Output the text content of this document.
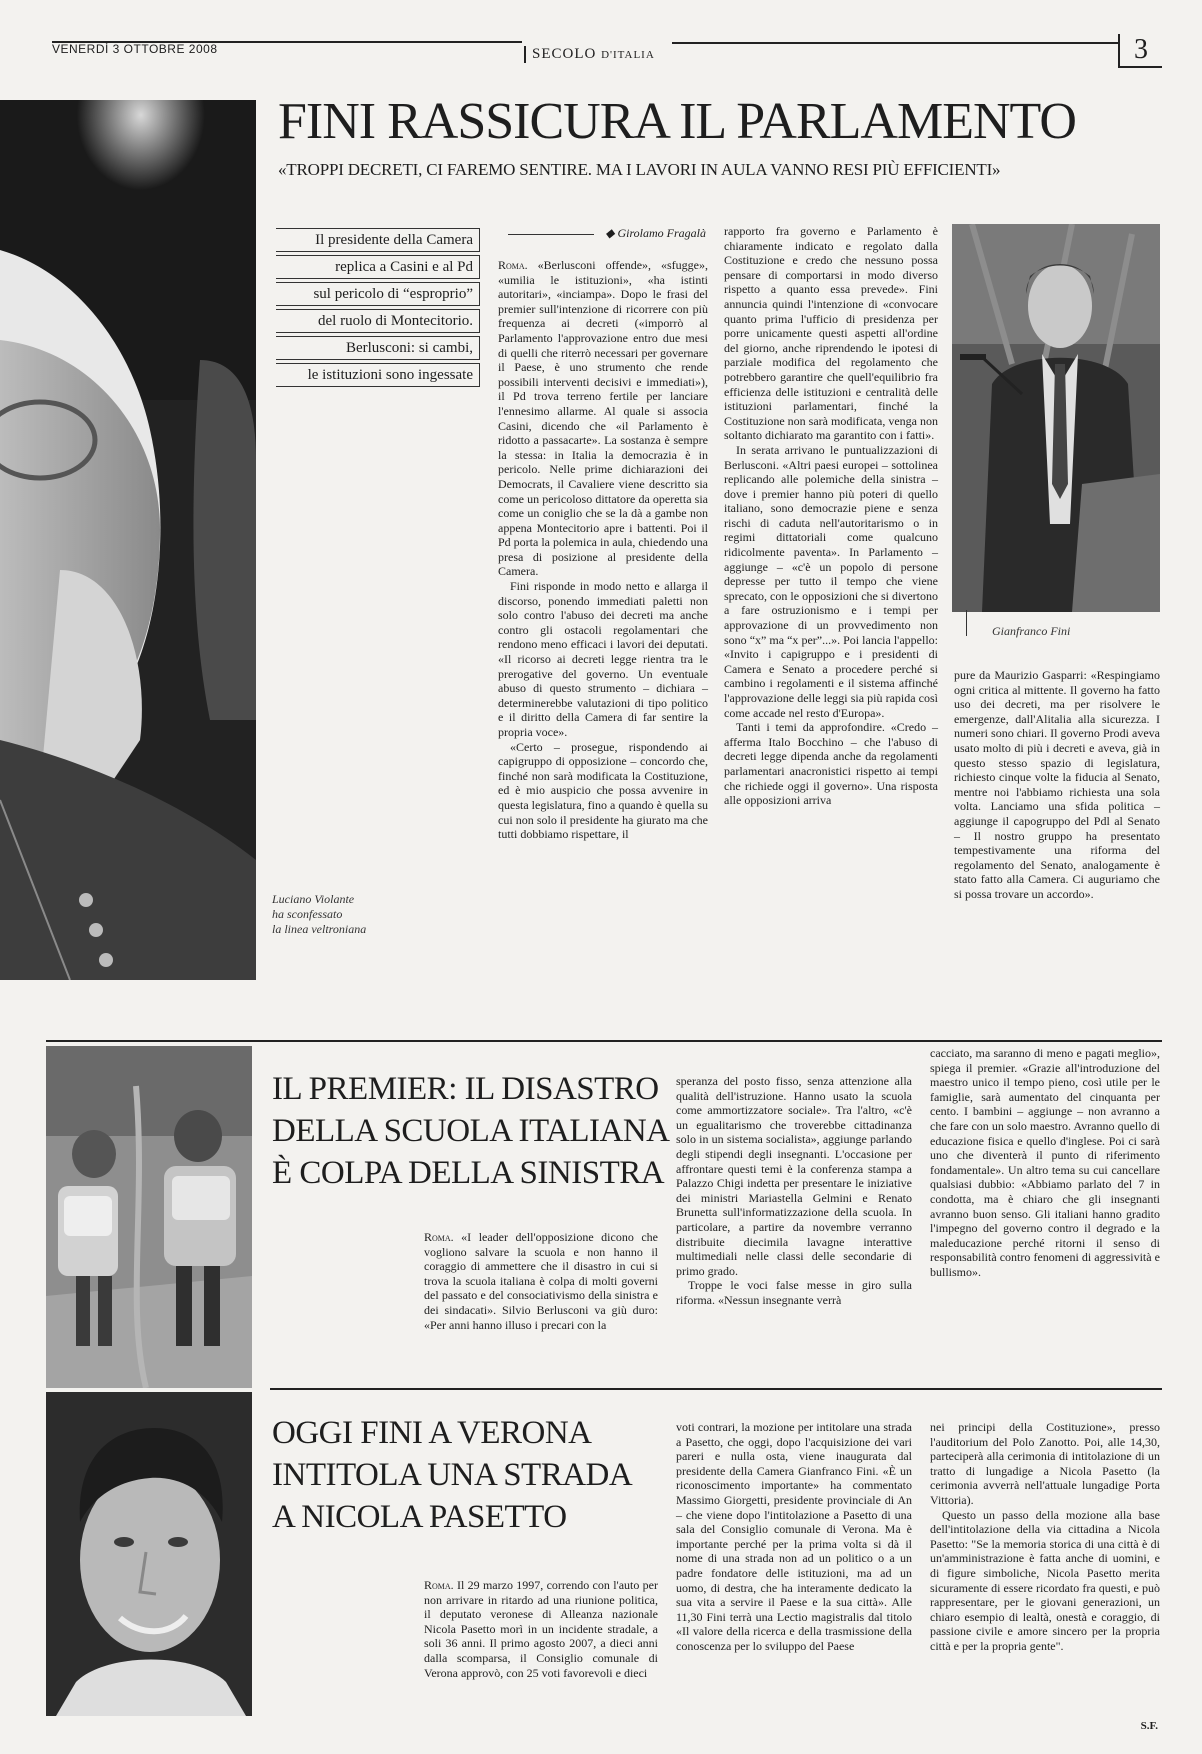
VENERDÌ 3 OTTOBRE 2008	SECOLO D'ITALIA	3
Luciano Violante
ha sconfessato
la linea veltroniana
FINI RASSICURA IL PARLAMENTO
«TROPPI DECRETI, CI FAREMO SENTIRE. MA I LAVORI IN AULA VANNO RESI PIÙ EFFICIENTI»
Il presidente della Camera
replica a Casini e al Pd
sul pericolo di “esproprio”
del ruolo di Montecitorio.
Berlusconi: si cambi,
le istituzioni sono ingessate
◆ Girolamo Fragalà

Roma. «Berlusconi offende», «sfugge», «umilia le istituzioni», «ha istinti autoritari», «inciampa». Dopo le frasi del premier sull'intenzione di ricorrere con più frequenza ai decreti («imporrò al Parlamento l'approvazione entro due mesi di quelli che riterrò necessari per governare il Paese, è uno strumento che rende possibili interventi decisivi e immediati»), il Pd trova terreno fertile per lanciare l'ennesimo allarme. Al quale si associa Casini, dicendo che «il Parlamento è ridotto a passacarte». La sostanza è sempre la stessa: in Italia la democrazia è in pericolo. Nelle prime dichiarazioni dei Democrats, il Cavaliere viene descritto sia come un pericoloso dittatore da operetta sia come un coniglio che se la dà a gambe non appena Montecitorio apre i battenti. Poi il Pd porta la polemica in aula, chiedendo una presa di posizione al presidente della Camera.

Fini risponde in modo netto e allarga il discorso, ponendo immediati paletti non solo contro l'abuso dei decreti ma anche contro gli ostacoli regolamentari che rendono meno efficaci i lavori dei deputati. «Il ricorso ai decreti legge rientra tra le prerogative del governo. Un eventuale abuso di questo strumento – dichiara – determinerebbe valutazioni di tipo politico e il diritto della Camera di far sentire la propria voce».

«Certo – prosegue, rispondendo ai capigruppo di opposizione – concordo che, finché non sarà modificata la Costituzione, ed è mio auspicio che possa avvenire in questa legislatura, fino a quando è quella su cui non solo il presidente ha giurato ma che tutti dobbiamo rispettare, il

rapporto fra governo e Parlamento è chiaramente indicato e regolato dalla Costituzione e credo che nessuno possa pensare di comportarsi in modo diverso rispetto a quanto essa prevede». Fini annuncia quindi l'intenzione di «convocare quanto prima l'ufficio di presidenza per porre unicamente questi aspetti all'ordine del giorno, anche riprendendo le ipotesi di parziale modifica del regolamento che potrebbero garantire che quell'equilibrio fra efficienza delle istituzioni e centralità delle istituzioni parlamentari, finché la Costituzione non sarà modificata, venga non soltanto dichiarato ma garantito con i fatti».

In serata arrivano le puntualizzazioni di Berlusconi. «Altri paesi europei – sottolinea replicando alle polemiche della sinistra – dove i premier hanno più poteri di quello italiano, sono democrazie piene e senza rischi di caduta nell'autoritarismo o in regimi dittatoriali come qualcuno ridicolmente paventa». In Parlamento – aggiunge – «c'è un popolo di persone depresse per tutto il tempo che viene sprecato, con le opposizioni che si divertono a fare ostruzionismo e i tempi per approvazione di un provvedimento non sono “x” ma “x per”...». Poi lancia l'appello: «Invito i capigruppo e i presidenti di Camera e Senato a procedere perché si cambino i regolamenti e il sistema affinché l'approvazione delle leggi sia più rapida così come accade nel resto d'Europa».

Tanti i temi da approfondire. «Credo – afferma Italo Bocchino – che l'abuso di decreti legge dipenda anche da regolamenti parlamentari anacronistici rispetto ai tempi che richiede oggi il governo». Una risposta alle opposizioni arriva

Gianfranco Fini

pure da Maurizio Gasparri: «Respingiamo ogni critica al mittente. Il governo ha fatto uso dei decreti, ma per risolvere le emergenze, dall'Alitalia alla sicurezza. I numeri sono chiari. Il governo Prodi aveva usato molto di più i decreti e aveva, già in questo stesso spazio di legislatura, richiesto cinque volte la fiducia al Senato, mentre noi l'abbiamo richiesta una sola volta. Lanciamo una sfida politica – aggiunge il capogruppo del Pdl al Senato – Il nostro gruppo ha presentato tempestivamente una riforma del regolamento del Senato, analogamente è stato fatto alla Camera. Ci auguriamo che si possa trovare un accordo».

IL PREMIER: IL DISASTRO
DELLA SCUOLA ITALIANA
È COLPA DELLA SINISTRA

Roma. «I leader dell'opposizione dicono che vogliono salvare la scuola e non hanno il coraggio di ammettere che il disastro in cui si trova la scuola italiana è colpa di molti governi del passato e del consociativismo della sinistra e dei sindacati». Silvio Berlusconi va giù duro: «Per anni hanno illuso i precari con la

speranza del posto fisso, senza attenzione alla qualità dell'istruzione. Hanno usato la scuola come ammortizzatore sociale». Tra l'altro, «c'è un egualitarismo che troverebbe cittadinanza solo in un sistema socialista», aggiunge parlando degli stipendi degli insegnanti. L'occasione per affrontare questi temi è la conferenza stampa a Palazzo Chigi indetta per presentare le iniziative dei ministri Mariastella Gelmini e Renato Brunetta sull'informatizzazione della scuola. In particolare, a partire da novembre verranno distribuite diecimila lavagne interattive multimediali nelle classi delle secondarie di primo grado.

Troppe le voci false messe in giro sulla riforma. «Nessun insegnante verrà

cacciato, ma saranno di meno e pagati meglio», spiega il premier. «Grazie all'introduzione del maestro unico il tempo pieno, così utile per le famiglie, sarà aumentato del cinquanta per cento. I bambini – aggiunge – non avranno a che fare con un solo maestro. Avranno quello di educazione fisica e quello d'inglese. Poi ci sarà uno che diventerà il punto di riferimento fondamentale». Un altro tema su cui cancellare qualsiasi dubbio: «Abbiamo parlato del 7 in condotta, ma è chiaro che gli insegnanti avranno buon senso. Gli italiani hanno gradito l'impegno del governo contro il degrado e la maleducazione perché ritorni il senso di responsabilità contro fenomeni di aggressività e bullismo».

OGGI FINI A VERONA
INTITOLA UNA STRADA
A NICOLA PASETTO

Roma. Il 29 marzo 1997, correndo con l'auto per non arrivare in ritardo ad una riunione politica, il deputato veronese di Alleanza nazionale Nicola Pasetto morì in un incidente stradale, a soli 36 anni. Il primo agosto 2007, a dieci anni dalla scomparsa, il Consiglio comunale di Verona approvò, con 25 voti favorevoli e dieci

voti contrari, la mozione per intitolare una strada a Pasetto, che oggi, dopo l'acquisizione dei vari pareri e nulla osta, viene inaugurata dal presidente della Camera Gianfranco Fini. «È un riconoscimento importante» ha commentato Massimo Giorgetti, presidente provinciale di An – che viene dopo l'intitolazione a Pasetto di una sala del Consiglio comunale di Verona. Ma è importante perché per la prima volta si dà il nome di una strada non ad un politico o a un padre fondatore delle istituzioni, ma ad un uomo, di destra, che ha interamente dedicato la sua vita a servire il Paese e la sua città». Alle 11,30 Fini terrà una Lectio magistralis dal titolo «Il valore della ricerca e della trasmissione della conoscenza per lo sviluppo del Paese

nei principi della Costituzione», presso l'auditorium del Polo Zanotto. Poi, alle 14,30, parteciperà alla cerimonia di intitolazione di un tratto di lungadige a Nicola Pasetto (la cerimonia avverrà nell'attuale lungadige Porta Vittoria).

Questo un passo della mozione alla base dell'intitolazione della via cittadina a Nicola Pasetto: "Se la memoria storica di una città è di un'amministrazione è fatta anche di uomini, e di figure simboliche, Nicola Pasetto merita sicuramente di essere ricordato fra questi, e può rappresentare, per le giovani generazioni, un chiaro esempio di lealtà, onestà e coraggio, di passione civile e amore sincero per la propria città e per la propria gente".

S.F.
